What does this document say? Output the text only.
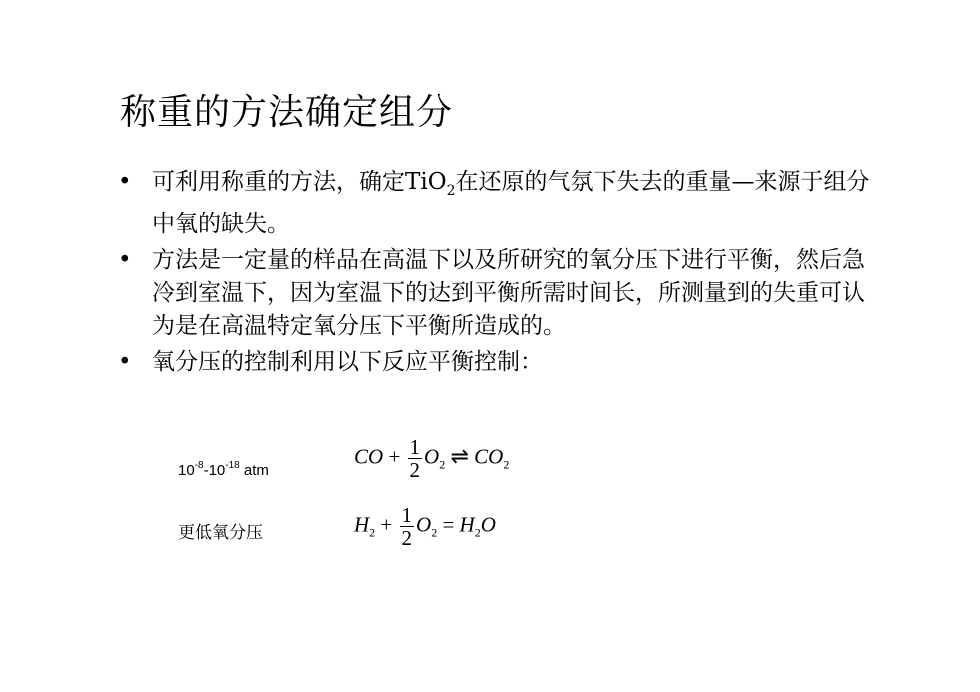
称重的方法确定组分
• 可利用称重的方法，确定TiO$_2$在还原的气氛下失去的重量—来源于组分中氧的缺失。
• 方法是一定量的样品在高温下以及所研究的氧分压下进行平衡，然后急冷到室温下，因为室温下的达到平衡所需时间长，所测量到的失重可认为是在高温特定氧分压下平衡所造成的。
• 氧分压的控制利用以下反应平衡控制：
$10^{-8}-10^{-18}$ atm
CO + $\frac{1}{2} O_2$ ⇌ $CO_2$
更低氧分压	$H_2 + \frac{1}{2} O_2 = H_2O$
